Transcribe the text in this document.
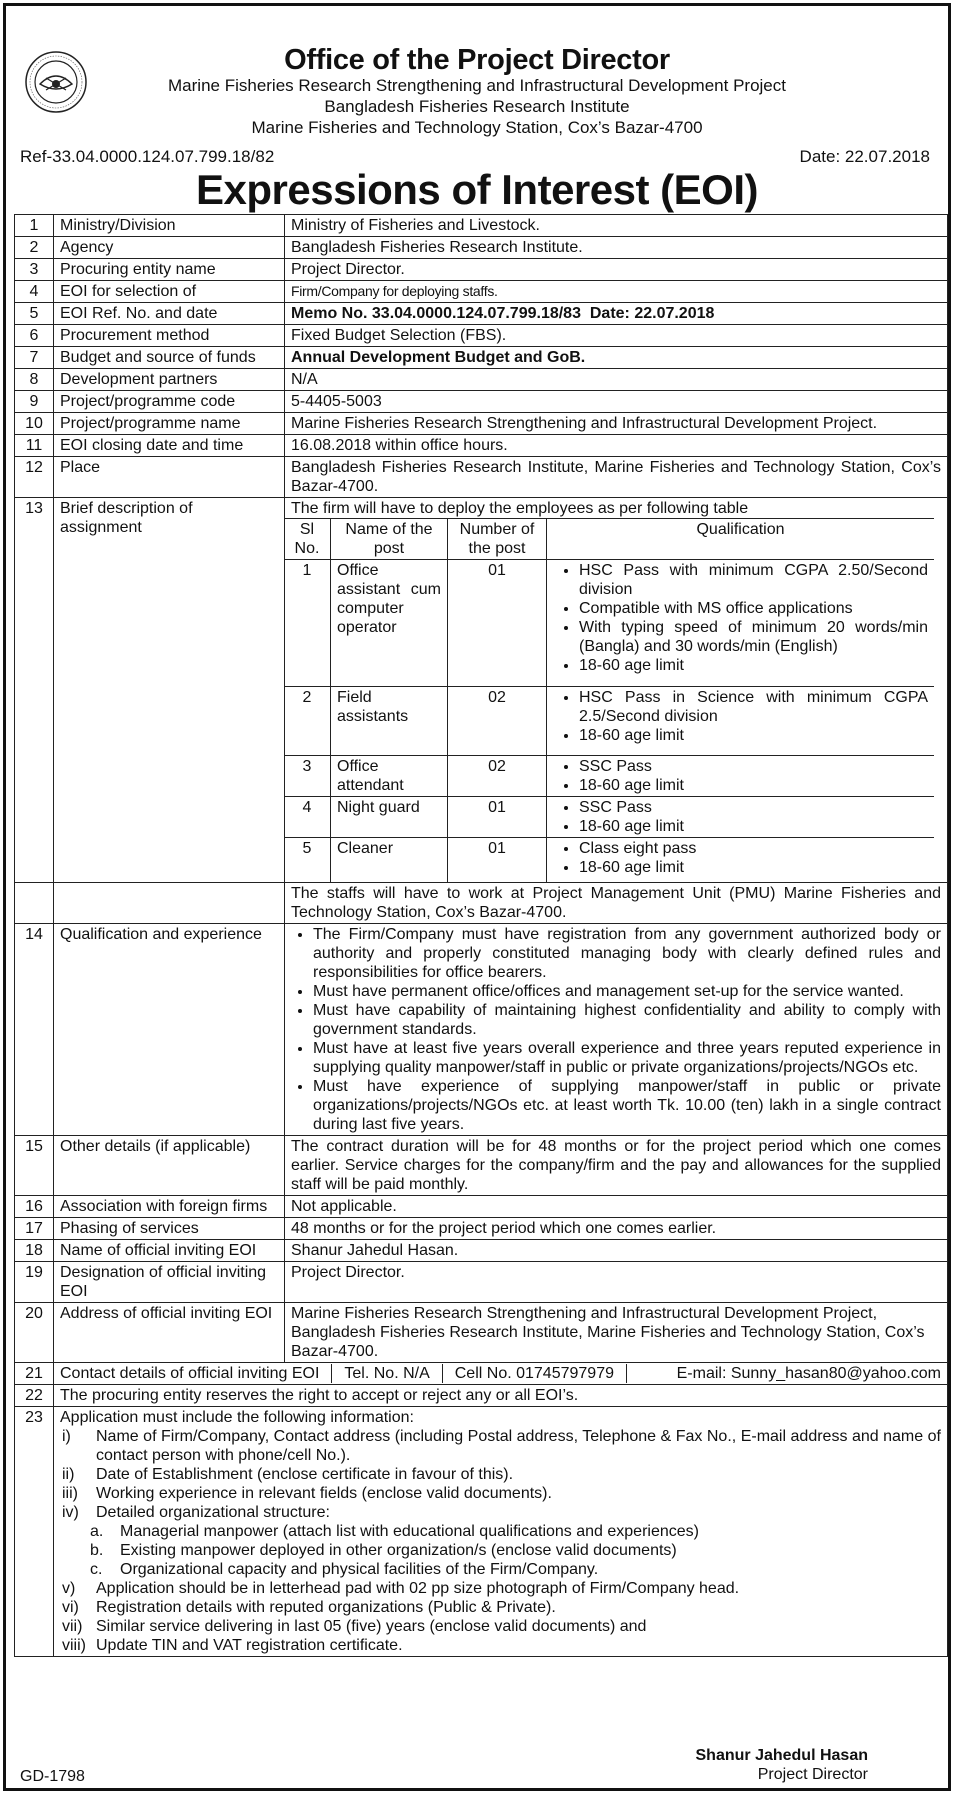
Office of the Project Director
Marine Fisheries Research Strengthening and Infrastructural Development Project
Bangladesh Fisheries Research Institute
Marine Fisheries and Technology Station, Cox’s Bazar-4700
Ref-33.04.0000.124.07.799.18/82	Date: 22.07.2018
Expressions of Interest (EOI)
1	Ministry/Division	Ministry of Fisheries and Livestock.
2	Agency	Bangladesh Fisheries Research Institute.
3	Procuring entity name	Project Director.
4	EOI for selection of	Firm/Company for deploying staffs.
5	EOI Ref. No. and date	Memo No. 33.04.0000.124.07.799.18/83  Date: 22.07.2018
6	Procurement method	Fixed Budget Selection (FBS).
7	Budget and source of funds	Annual Development Budget and GoB.
8	Development partners	N/A
9	Project/programme code	5-4405-5003
10	Project/programme name	Marine Fisheries Research Strengthening and Infrastructural Development Project.
11	EOI closing date and time	16.08.2018 within office hours.
12	Place	Bangladesh Fisheries Research Institute, Marine Fisheries and Technology Station, Cox’s Bazar-4700.
13	Brief description of assignment	
The firm will have to deploy the employees as per following table
Sl No.	Name of the post	Number of the post	Qualification
1	Office assistant cum computer operator	01	
•HSC Pass with minimum CGPA 2.50/Second division
• Compatible with MS office applications
• With typing speed of minimum 20 words/min (Bangla) and 30 words/min (English)
• 18-60 age limit

2	Field assistants	02	
•HSC Pass in Science with minimum CGPA 2.5/Second division
• 18-60 age limit

3	Office attendant	02	
•SSC Pass
• 18-60 age limit

4	Night guard	01	
•SSC Pass
• 18-60 age limit

5	Cleaner	01	
•Class eight pass
• 18-60 age limit

		The staffs will have to work at Project Management Unit (PMU) Marine Fisheries and Technology Station, Cox’s Bazar-4700.
14	Qualification and experience	
•The Firm/Company must have registration from any government authorized body or authority and properly constituted managing body with clearly defined rules and responsibilities for office bearers.
• Must have permanent office/offices and management set-up for the service wanted.
• Must have capability of maintaining highest confidentiality and ability to comply with government standards.
• Must have at least five years overall experience and three years reputed experience in supplying quality manpower/staff in public or private organizations/projects/NGOs etc.
• Must have experience of supplying manpower/staff in public or private organizations/projects/NGOs etc. at least worth Tk. 10.00 (ten) lakh in a single contract during last five years.

15	Other details (if applicable)	The contract duration will be for 48 months or for the project period which one comes earlier. Service charges for the company/firm and the pay and allowances for the supplied staff will be paid monthly.
16	Association with foreign firms	Not applicable.
17	Phasing of services	48 months or for the project period which one comes earlier.
18	Name of official inviting EOI	Shanur Jahedul Hasan.
19	Designation of official inviting EOI	Project Director.
20	Address of official inviting EOI	Marine Fisheries Research Strengthening and Infrastructural Development Project, Bangladesh Fisheries Research Institute, Marine Fisheries and Technology Station, Cox’s Bazar-4700.
21	Contact details of official inviting EOI	Tel. No. N/A	Cell No. 01745797979	E-mail: Sunny_hasan80@yahoo.com

22	The procuring entity reserves the right to accept or reject any or all EOI’s.
23	Application must include the following information:
i)	Name of Firm/Company, Contact address (including Postal address, Telephone & Fax No., E-mail address and name of contact person with phone/cell No.).
ii)	Date of Establishment (enclose certificate in favour of this).
iii)	Working experience in relevant fields (enclose valid documents).
iv)	Detailed organizational structure:
a.	Managerial manpower (attach list with educational qualifications and experiences)
b.	Existing manpower deployed in other organization/s (enclose valid documents)
c.	Organizational capacity and physical facilities of the Firm/Company.
v)	Application should be in letterhead pad with 02 pp size photograph of Firm/Company head.
vi)	Registration details with reputed organizations (Public & Private).
vii) Similar service delivering in last 05 (five) years (enclose valid documents) and
viii) Update TIN and VAT registration certificate.
GD-1798
Shanur Jahedul Hasan
Project Director
